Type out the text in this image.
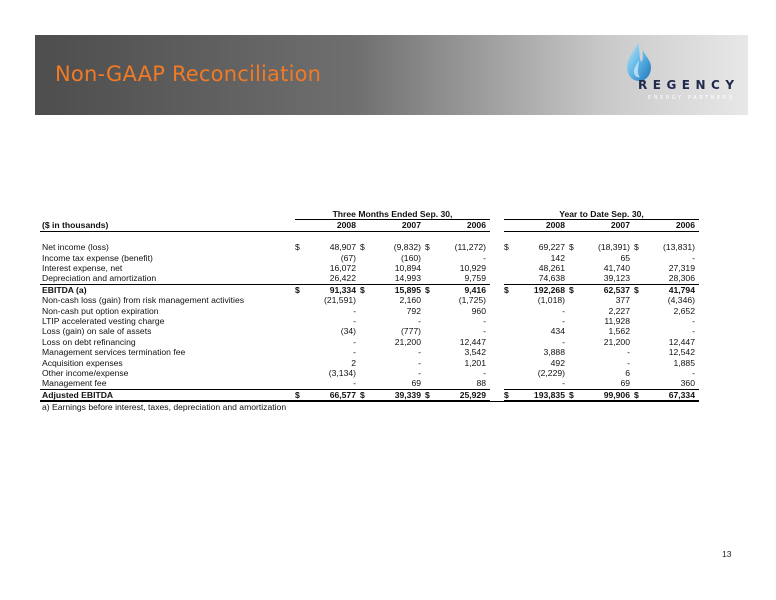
Non-GAAP Reconciliation	REGENCY
ENERGY PARTNERS
	Three Months Ended Sep. 30,							Year to Date Sep. 30,					
($ in thousands)	2008		2007		2006			2008		2007		2006	

Net income (loss)	$	48,907	$	(9,832)	$	(11,272)		$	69,227	$	(18,391)	$	(13,831)
Income tax expense (benefit)		(67)		(160)		-			142		65		-
Interest expense, net		16,072		10,894		10,929			48,261		41,740		27,319
Depreciation and amortization		26,422		14,993		9,759			74,638		39,123		28,306
EBITDA (a)	$	91,334	$	15,895	$	9,416		$	192,268	$	62,537	$	41,794
Non-cash loss (gain) from risk management activities		(21,591)		2,160		(1,725)			(1,018)		377		(4,346)
Non-cash put option expiration		-		792		960			-		2,227		2,652
LTIP accelerated vesting charge		-		-		-			-		11,928		-
Loss (gain) on sale of assets		(34)		(777)		-			434		1,562		-
Loss on debt refinancing		-		21,200		12,447			-		21,200		12,447
Management services termination fee		-		-		3,542			3,888		-		12,542
Acquisition expenses		2		-		1,201			492		-		1,885
Other income/expense		(3,134)		-		-			(2,229)		6		-
Management fee		-		69		88			-		69		360
Adjusted EBITDA	$	66,577	$	39,339	$	25,929		$	193,835	$	99,906	$	67,334
a) Earnings before interest, taxes, depreciation and amortization													
13
